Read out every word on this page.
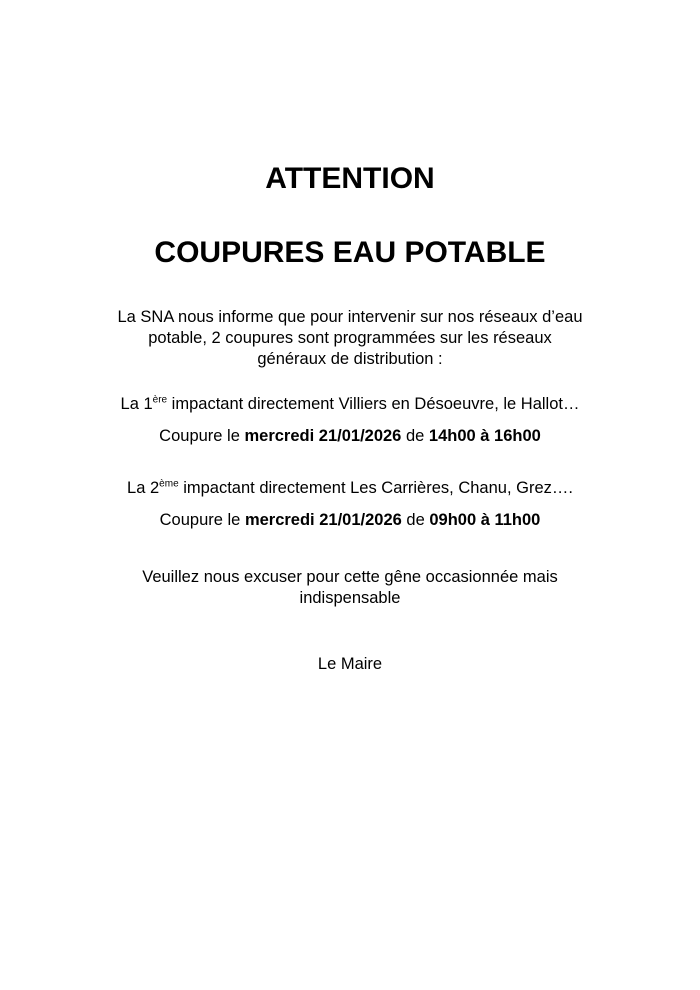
ATTENTION
COUPURES EAU POTABLE

La SNA nous informe que pour intervenir sur nos réseaux d’eau
potable, 2 coupures sont programmées sur les réseaux
généraux de distribution :

La 1ère impactant directement Villiers en Désoeuvre, le Hallot…

Coupure le mercredi 21/01/2026 de 14h00 à 16h00

La 2ème impactant directement Les Carrières, Chanu, Grez….

Coupure le mercredi 21/01/2026 de 09h00 à 11h00

Veuillez nous excuser pour cette gêne occasionnée mais
indispensable

Le Maire
